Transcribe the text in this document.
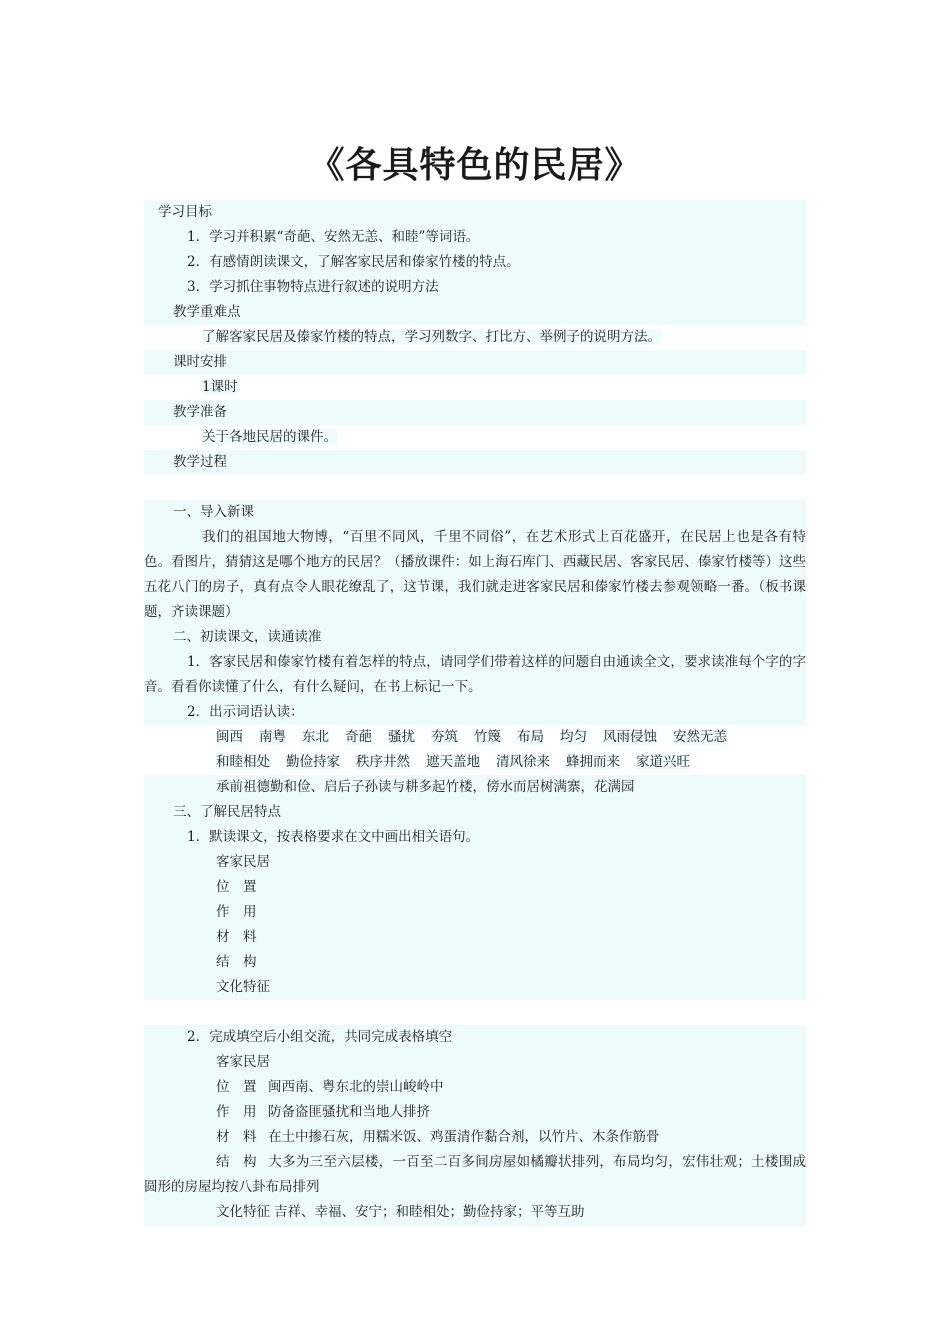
《各具特色的民居》
学习目标
1．学习并积累“奇葩、安然无恙、和睦”等词语。
2．有感情朗读课文，了解客家民居和傣家竹楼的特点。
3．学习抓住事物特点进行叙述的说明方法
教学重难点
了解客家民居及傣家竹楼的特点，学习列数字、打比方、举例子的说明方法。
课时安排
1课时
教学准备
关于各地民居的课件。
教学过程
一、导入新课
我们的祖国地大物博，“百里不同风，千里不同俗”，在艺术形式上百花盛开，在民居上也是各有特色。看图片，猜猜这是哪个地方的民居？（播放课件：如上海石库门、西藏民居、客家民居、傣家竹楼等）这些五花八门的房子，真有点令人眼花缭乱了，这节课，我们就走进客家民居和傣家竹楼去参观领略一番。（板书课题，齐读课题）
二、初读课文，读通读准
1．客家民居和傣家竹楼有着怎样的特点，请同学们带着这样的问题自由通读全文，要求读准每个字的字音。看看你读懂了什么，有什么疑问，在书上标记一下。
2．出示词语认读：
闽西 南粤 东北 奇葩 骚扰 夯筑 竹篾 布局 均匀 风雨侵蚀 安然无恙
和睦相处 勤俭持家 秩序井然 遮天盖地 清风徐来 蜂拥而来 家道兴旺
承前祖德勤和俭、启后子孙读与耕多起竹楼，傍水而居树满寨，花满园
三、了解民居特点
1．默读课文，按表格要求在文中画出相关语句。
客家民居
位　置
作　用
材　料
结　构
文化特征
2．完成填空后小组交流，共同完成表格填空
客家民居
位　置 闽西南、粤东北的崇山峻岭中
作　用 防备盗匪骚扰和当地人排挤
材　料 在土中掺石灰，用糯米饭、鸡蛋清作黏合剂，以竹片、木条作筋骨
结　构 大多为三至六层楼，一百至二百多间房屋如橘瓣状排列，布局均匀，宏伟壮观；土楼围成圆形的房屋均按八卦布局排列
文化特征 吉祥、幸福、安宁；和睦相处；勤俭持家；平等互助
